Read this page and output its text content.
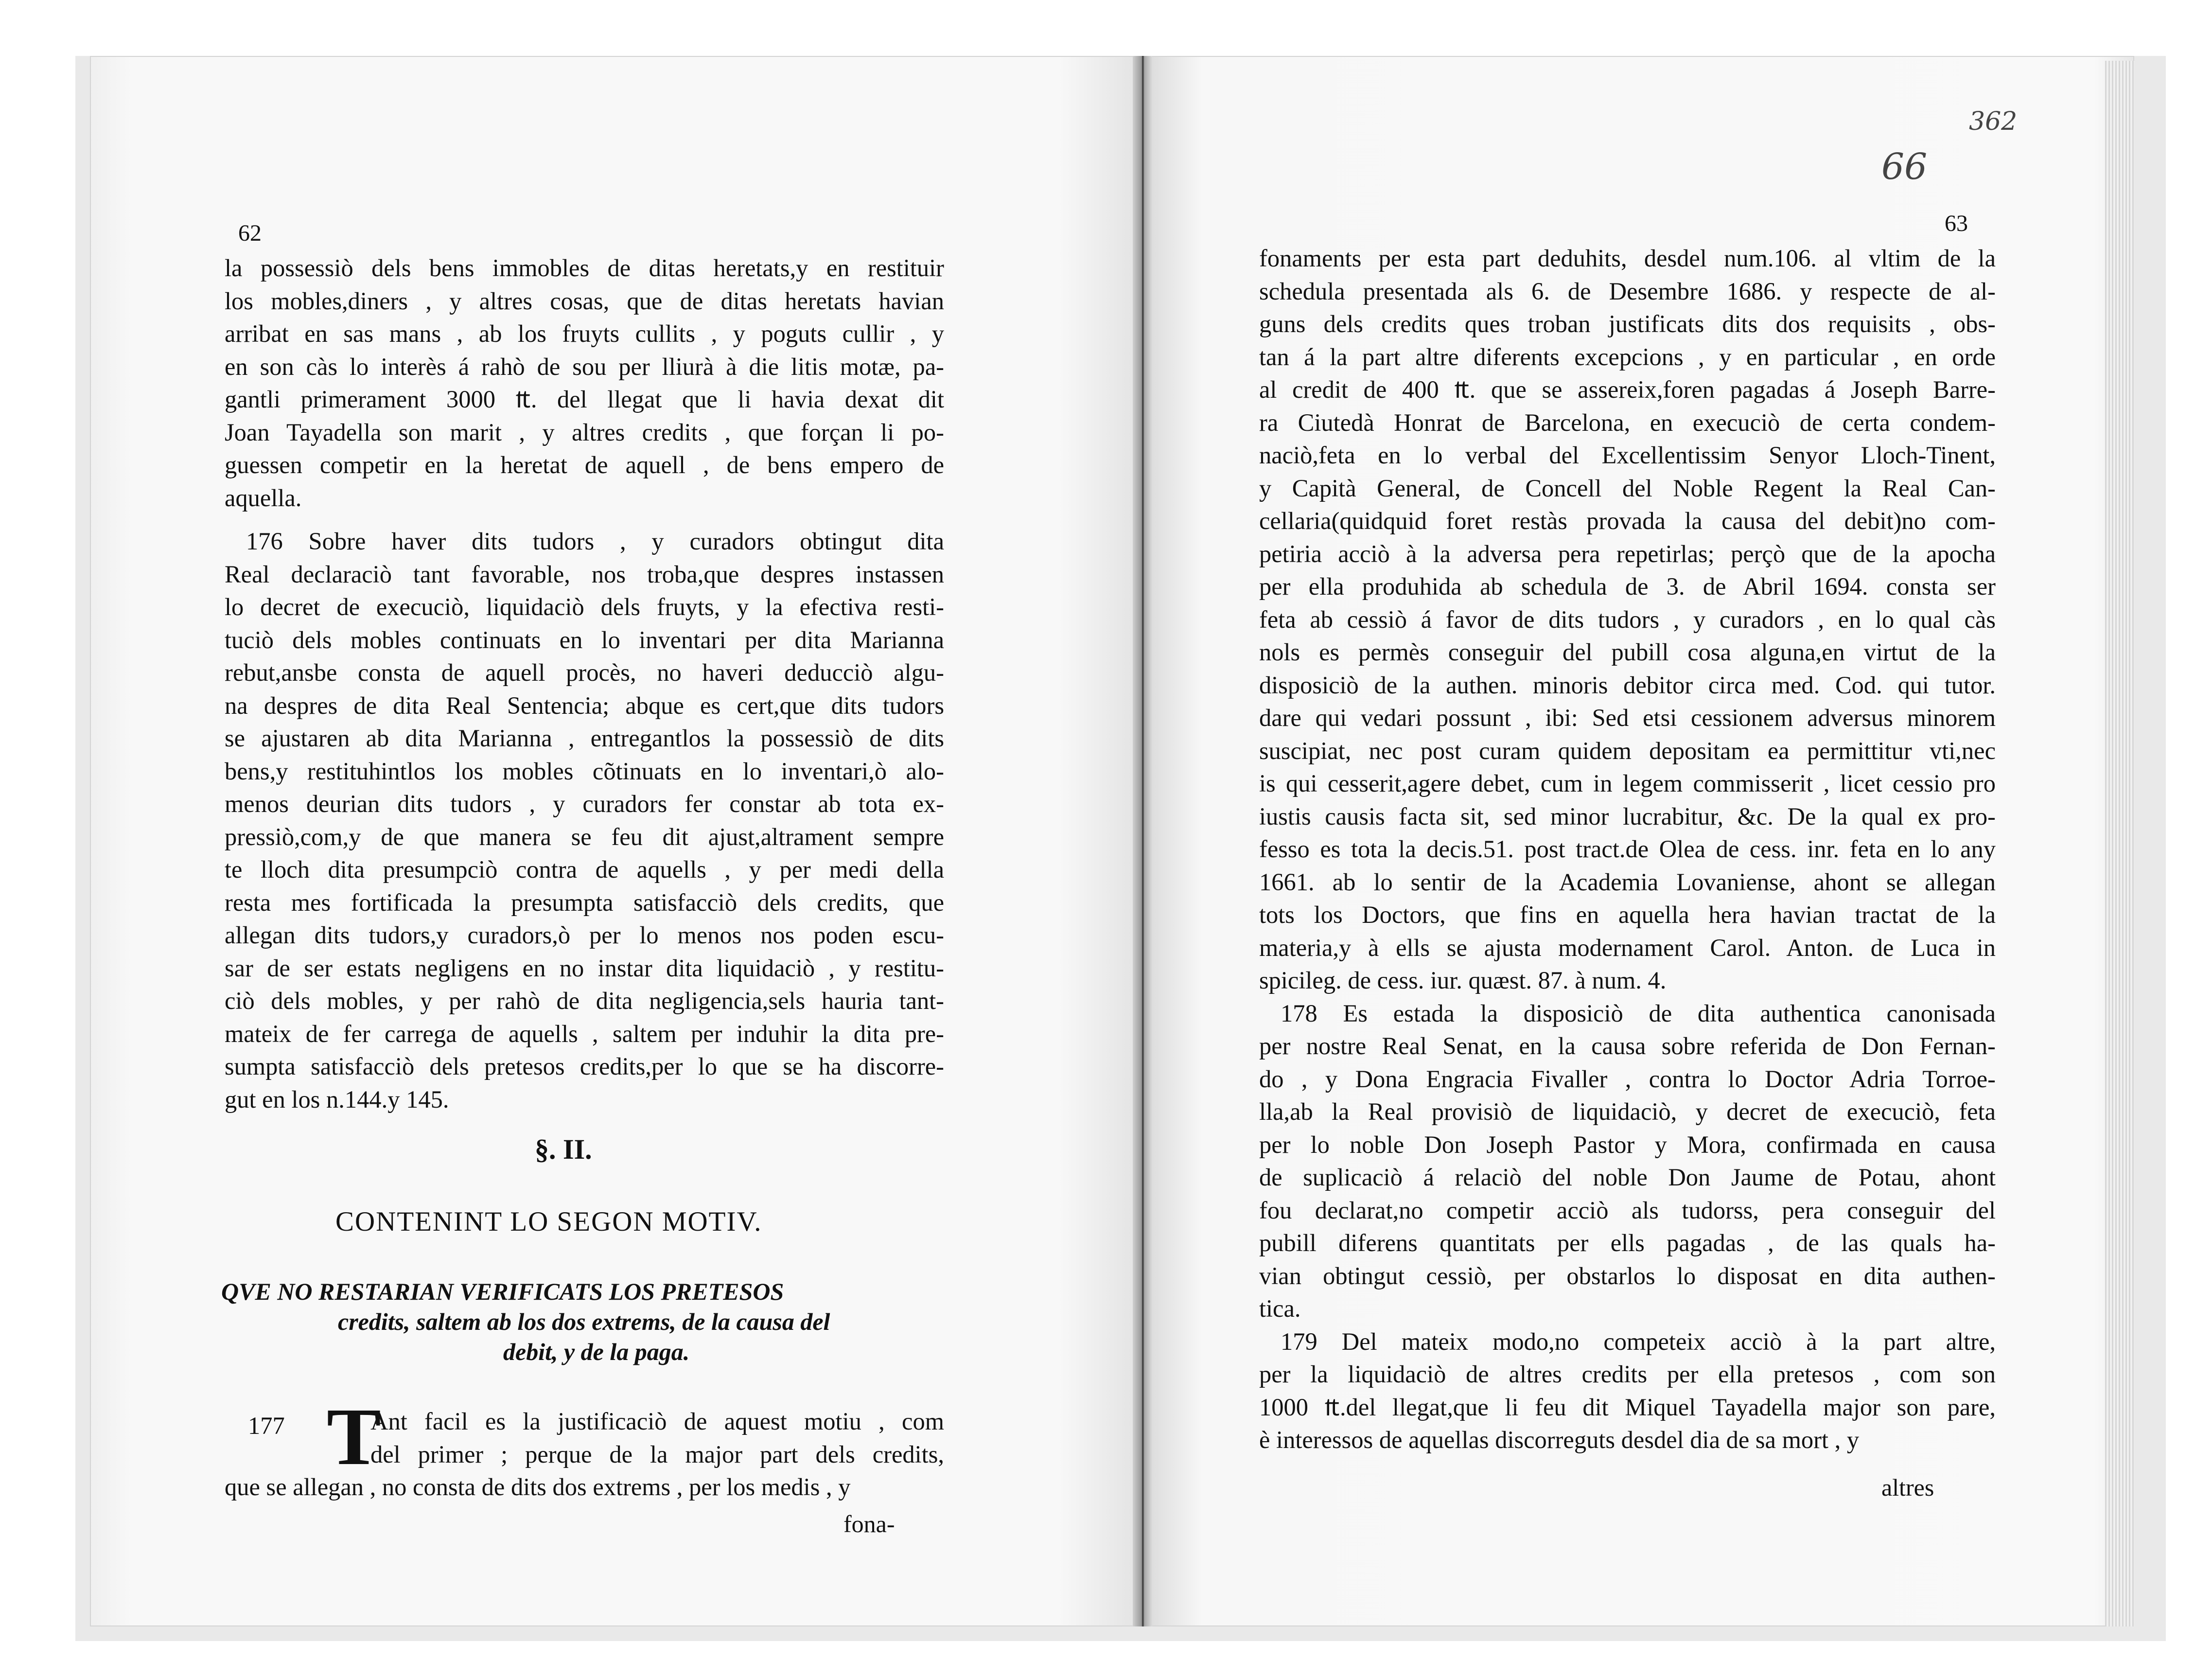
62
la possessiò dels bens immobles de ditas heretats,y en restituir
los mobles,diners , y altres cosas, que de ditas heretats havian
arribat en sas mans , ab los fruyts cullits , y poguts cullir , y
en son càs lo interès á rahò de sou per lliurà à die litis motæ, pa-
gantli primerament 3000 ₶. del llegat que li havia dexat dit
Joan Tayadella son marit , y altres credits , que forçan li po-
guessen competir en la heretat de aquell , de bens empero de
aquella.
176 Sobre haver dits tudors , y curadors obtingut dita
Real declaraciò tant favorable, nos troba,que despres instassen
lo decret de execuciò, liquidaciò dels fruyts, y la efectiva resti-
tuciò dels mobles continuats en lo inventari per dita Marianna
rebut,ansbe consta de aquell procès, no haveri deducciò algu-
na despres de dita Real Sentencia; abque es cert,que dits tudors
se ajustaren ab dita Marianna , entregantlos la possessiò de dits
bens,y restituhintlos los mobles cõtinuats en lo inventari,ò alo-
menos deurian dits tudors , y curadors fer constar ab tota ex-
pressiò,com,y de que manera se feu dit ajust,altrament sempre
te lloch dita presumpciò contra de aquells , y per medi della
resta mes fortificada la presumpta satisfacciò dels credits, que
allegan dits tudors,y curadors,ò per lo menos nos poden escu-
sar de ser estats negligens en no instar dita liquidaciò , y restitu-
ciò dels mobles, y per rahò de dita negligencia,sels hauria tant-
mateix de fer carrega de aquells , saltem per induhir la dita pre-
sumpta satisfacciò dels pretesos credits,per lo que se ha discorre-
gut en los n.144.y 145.
§. II.
CONTENINT LO SEGON MOTIV.
QVE NO RESTARIAN VERIFICATS LOS PRETESOS
credits, saltem ab los dos extrems, de la causa del
debit, y de la paga.
177 T
Ant facil es la justificaciò de aquest motiu , com
del primer ; perque de la major part dels credits,
que se allegan , no consta de dits dos extrems , per los medis , y
fona-
66
362
63
fonaments per esta part deduhits, desdel num.106. al vltim de la
schedula presentada als 6. de Desembre 1686. y respecte de al-
guns dels credits ques troban justificats dits dos requisits , obs-
tan á la part altre diferents excepcions , y en particular , en orde
al credit de 400 ₶. que se assereix,foren pagadas á Joseph Barre-
ra Ciutedà Honrat de Barcelona, en execuciò de certa condem-
naciò,feta en lo verbal del Excellentissim Senyor Lloch-Tinent,
y Capità General, de Concell del Noble Regent la Real Can-
cellaria(quidquid foret restàs provada la causa del debit)no com-
petiria acciò à la adversa pera repetirlas; perçò que de la apocha
per ella produhida ab schedula de 3. de Abril 1694. consta ser
feta ab cessiò á favor de dits tudors , y curadors , en lo qual càs
nols es permès conseguir del pubill cosa alguna,en virtut de la
disposiciò de la authen. minoris debitor circa med. Cod. qui tutor.
dare qui vedari possunt , ibi: Sed etsi cessionem adversus minorem
suscipiat, nec post curam quidem depositam ea permittitur vti,nec
is qui cesserit,agere debet, cum in legem commisserit , licet cessio pro
iustis causis facta sit, sed minor lucrabitur, &c. De la qual ex pro-
fesso es tota la decis.51. post tract.de Olea de cess. inr. feta en lo any
1661. ab lo sentir de la Academia Lovaniense, ahont se allegan
tots los Doctors, que fins en aquella hera havian tractat de la
materia,y à ells se ajusta modernament Carol. Anton. de Luca in
spicileg. de cess. iur. quæst. 87. à num. 4.
178 Es estada la disposiciò de dita authentica canonisada
per nostre Real Senat, en la causa sobre referida de Don Fernan-
do , y Dona Engracia Fivaller , contra lo Doctor Adria Torroe-
lla,ab la Real provisiò de liquidaciò, y decret de execuciò, feta
per lo noble Don Joseph Pastor y Mora, confirmada en causa
de suplicaciò á relaciò del noble Don Jaume de Potau, ahont
fou declarat,no competir acciò als tudorss, pera conseguir del
pubill diferens quantitats per ells pagadas , de las quals ha-
vian obtingut cessiò, per obstarlos lo disposat en dita authen-
tica.
179 Del mateix modo,no competeix acciò à la part altre,
per la liquidaciò de altres credits per ella pretesos , com son
1000 ₶.del llegat,que li feu dit Miquel Tayadella major son pare,
è interessos de aquellas discorreguts desdel dia de sa mort , y
altres
